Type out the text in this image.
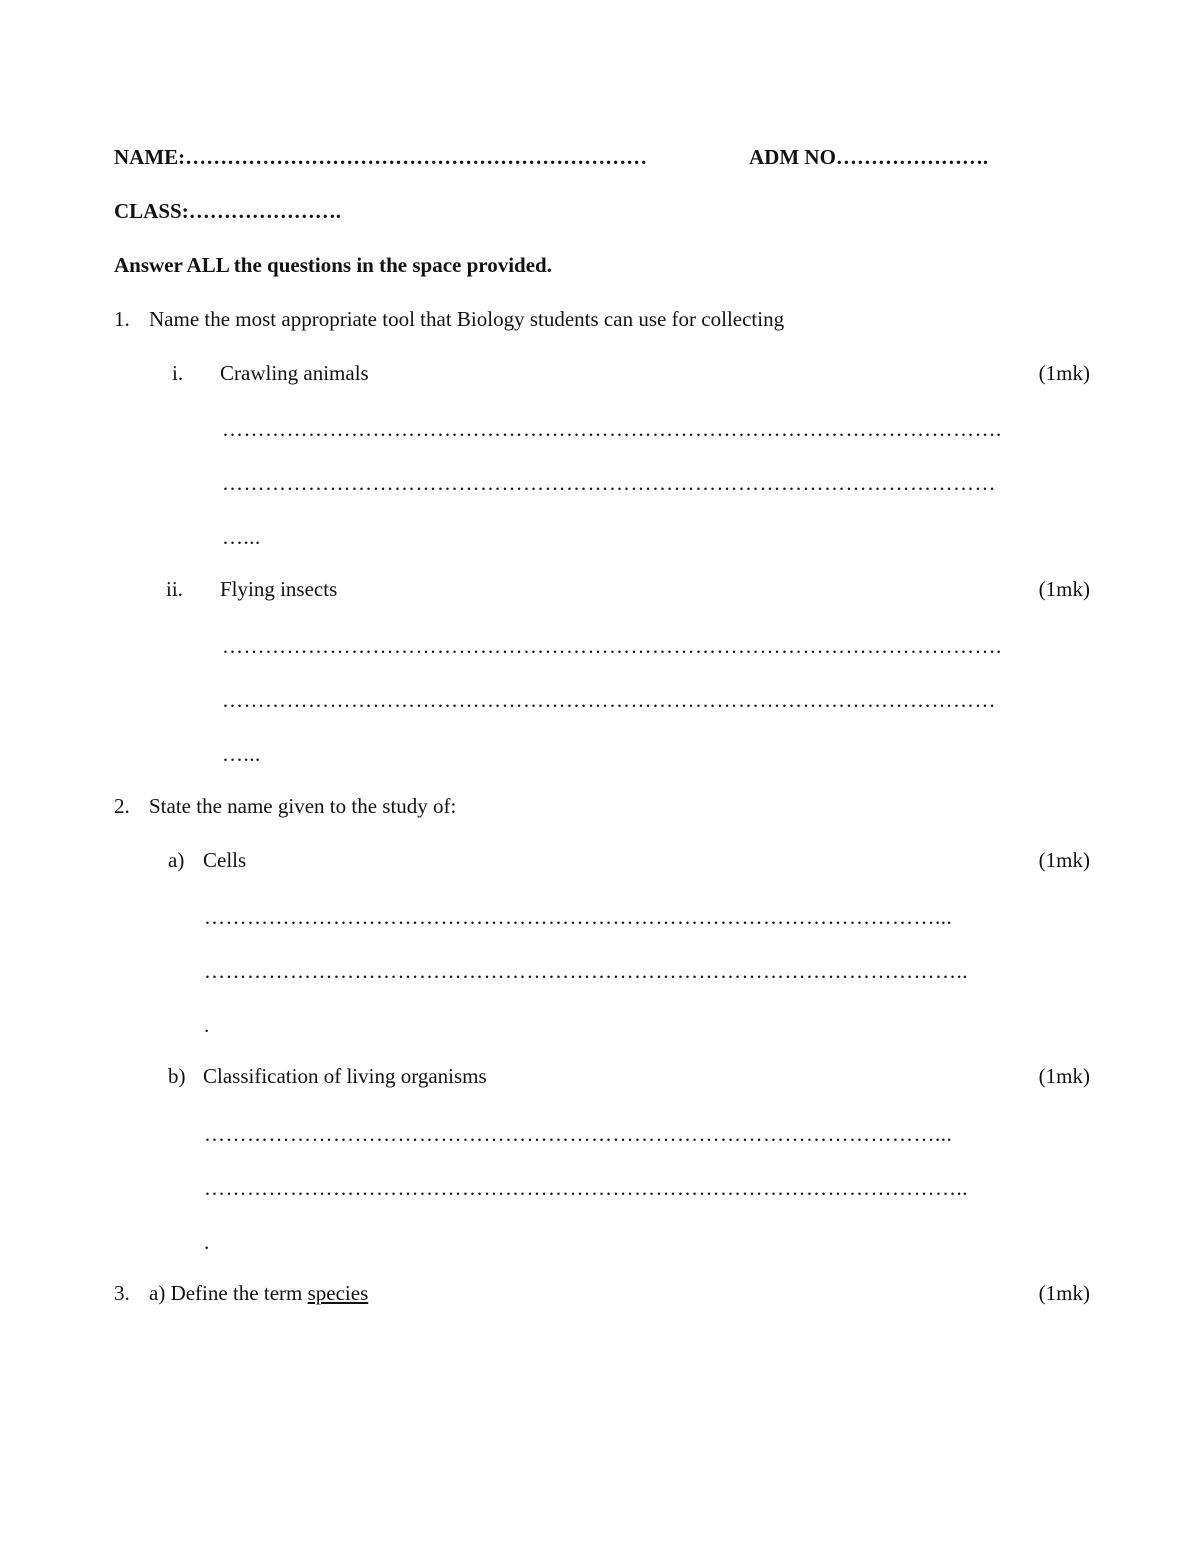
NAME:…………………………………………………………	ADM NO………………….
CLASS:………………….
Answer ALL the questions in the space provided.
1. Name the most appropriate tool that Biology students can use for collecting
i. Crawling animals	(1mk)
……………………………………………………………………………………………….
………………………………………………………………………………………………
…...
ii. Flying insects	(1mk)
……………………………………………………………………………………………….
………………………………………………………………………………………………
…...
2. State the name given to the study of:
a) Cells	(1mk)
…………………………………………………………………………………………...
……………………………………………………………………………………………..
.
b) Classification of living organisms	(1mk)
…………………………………………………………………………………………...
……………………………………………………………………………………………..
.
3. a) Define the term species	(1mk)
